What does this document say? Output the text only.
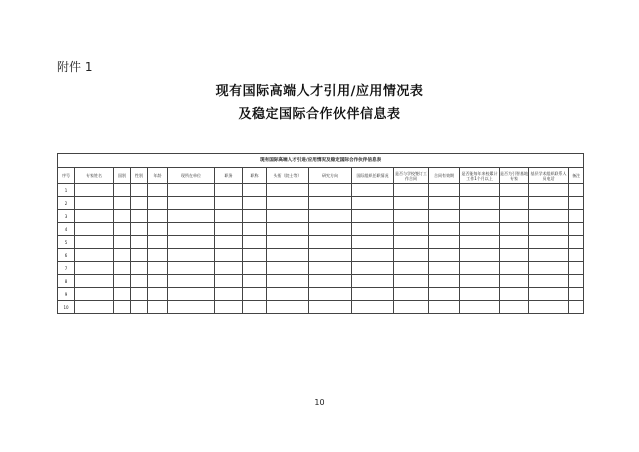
附件 1
现有国际高端人才引用/应用情况表
及稳定国际合作伙伴信息表
现有国际高端人才引进/应用情况及稳定国际合作伙伴信息表																
序号	专家姓名	国别	性别	年龄	现所在单位	职务	职称	头衔（院士等）	研究方向	国际组织任职情况	是否与学校签订工作合同	合同有效期	是否能每年来校累计工作1个月以上	是否为引智基地专家	基层学术组织联系人员电话	备注
1																
2																
3																
4																
5																
6																
7																
8																
9																
10																
10
